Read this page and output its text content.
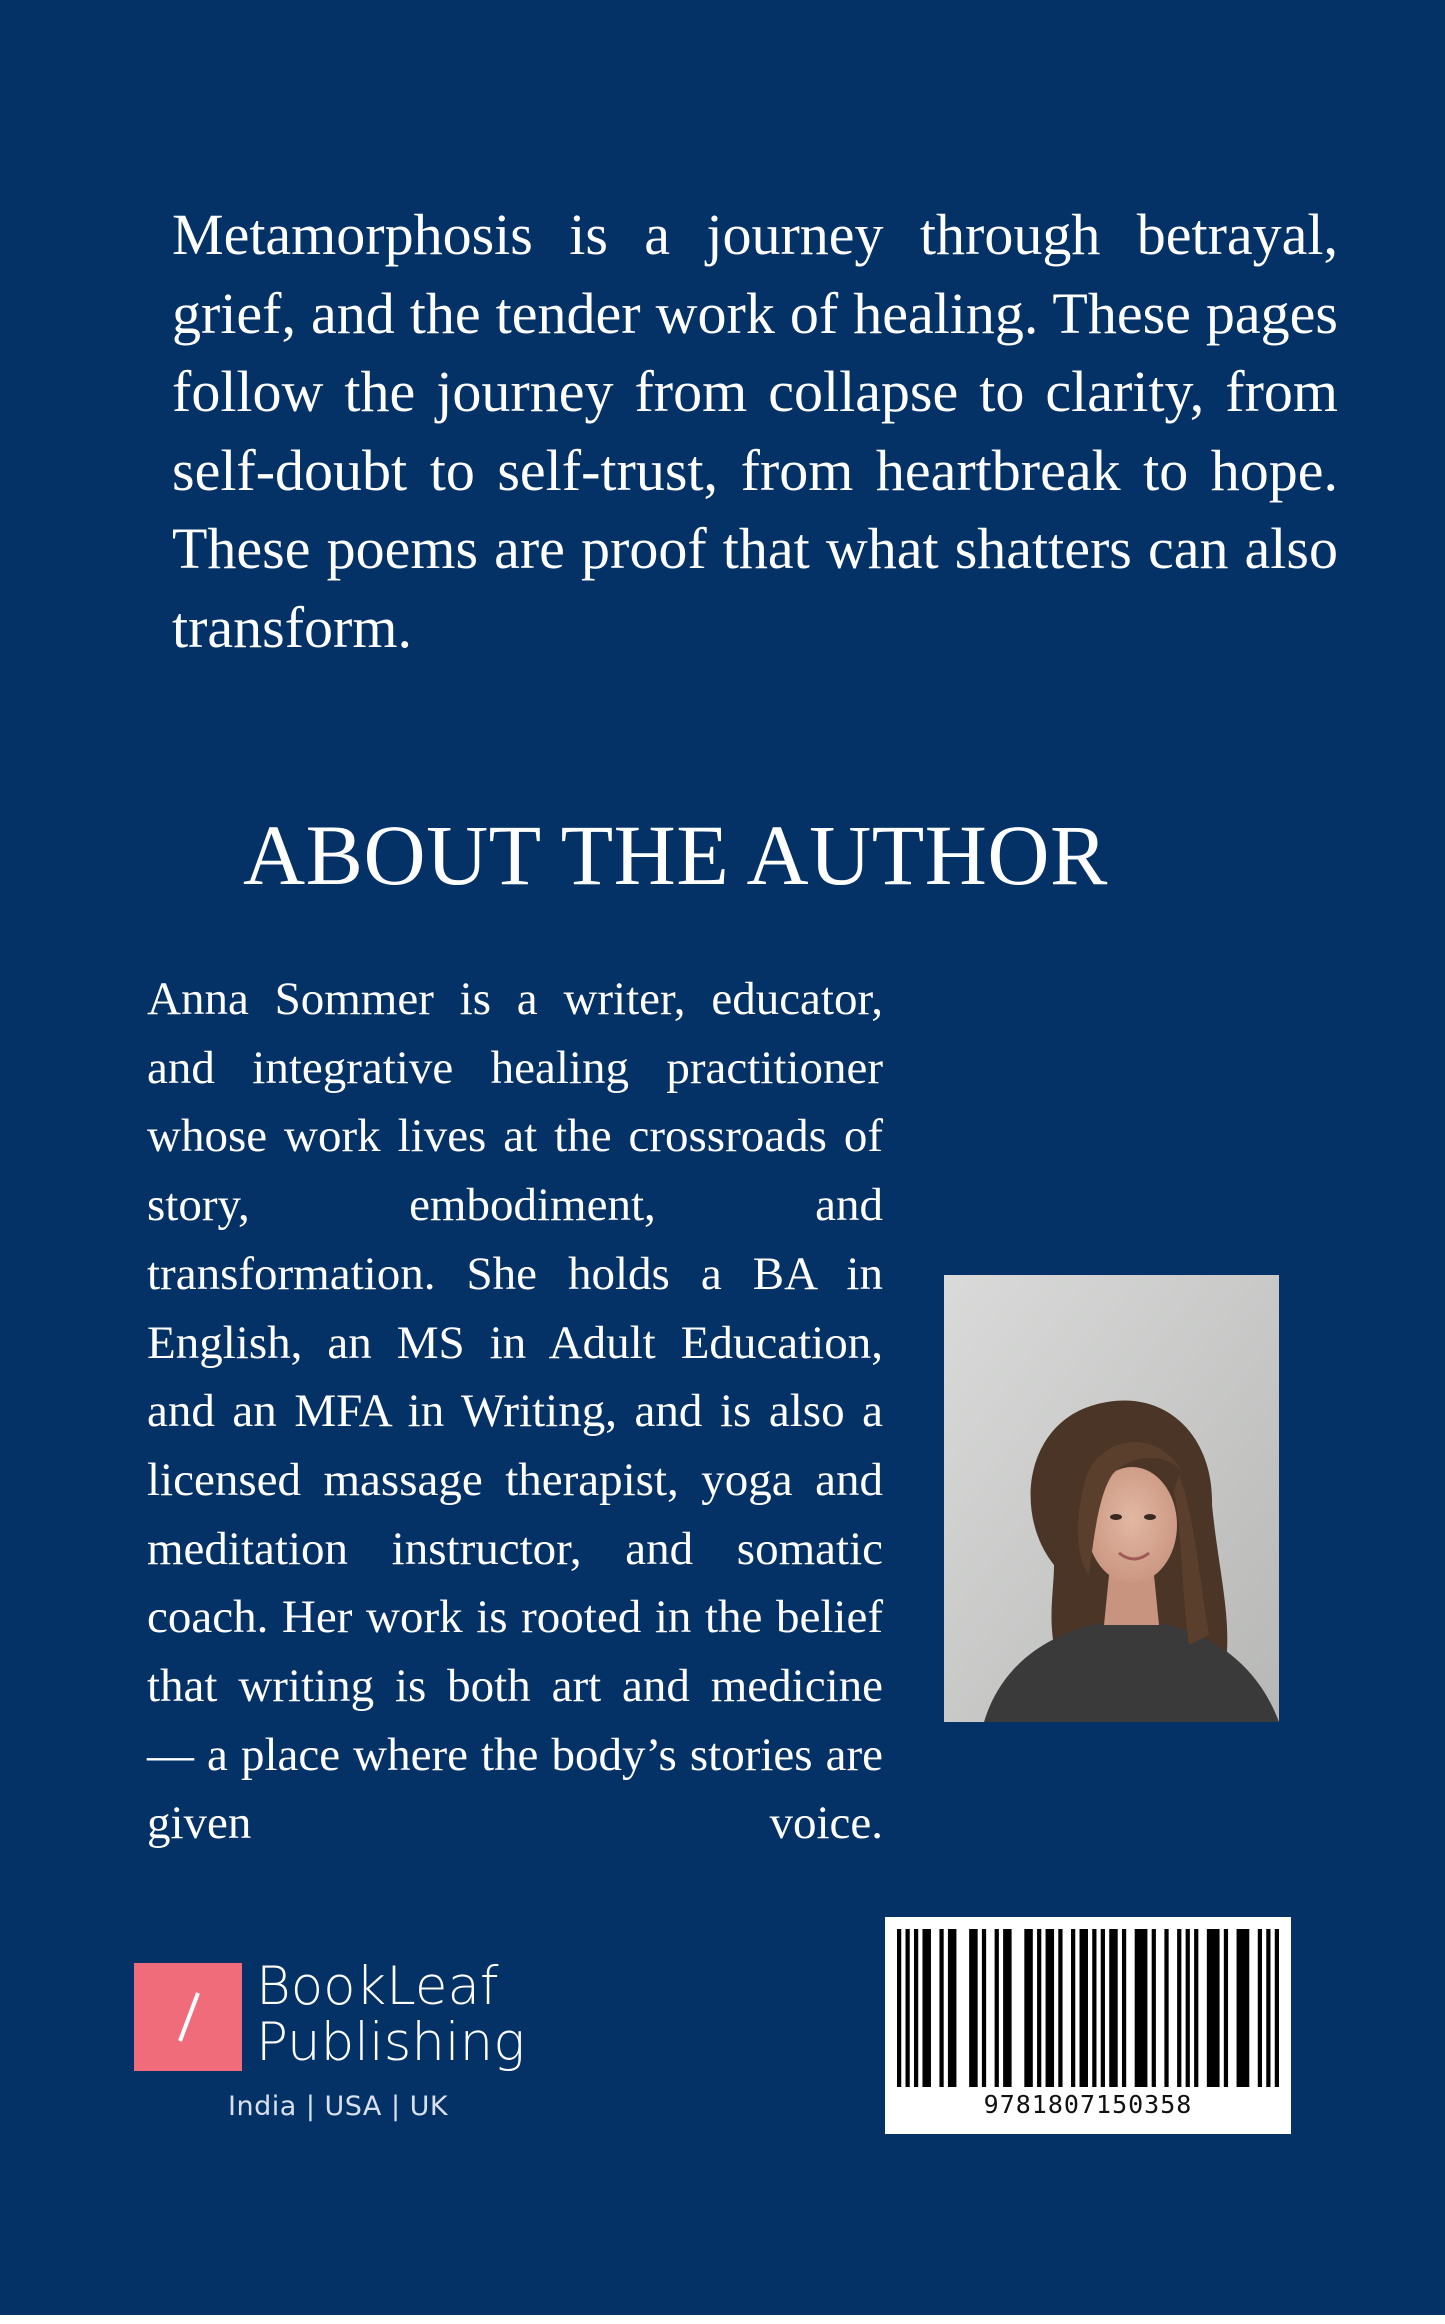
Metamorphosis is a journey through betrayal, grief, and the tender work of healing. These pages follow the journey from collapse to clarity, from self-doubt to self-trust, from heartbreak to hope. These poems are proof that what shatters can also transform.

ABOUT THE AUTHOR

Anna Sommer is a writer, educator, and integrative healing practitioner whose work lives at the crossroads of story, embodiment, and transformation. She holds a BA in English, an MS in Adult Education, and an MFA in Writing, and is also a licensed massage therapist, yoga and meditation instructor, and somatic coach. Her work is rooted in the belief that writing is both art and medicine — a place where the body’s stories are given voice.

BookLeaf
Publishing
India | USA | UK	9781807150358
